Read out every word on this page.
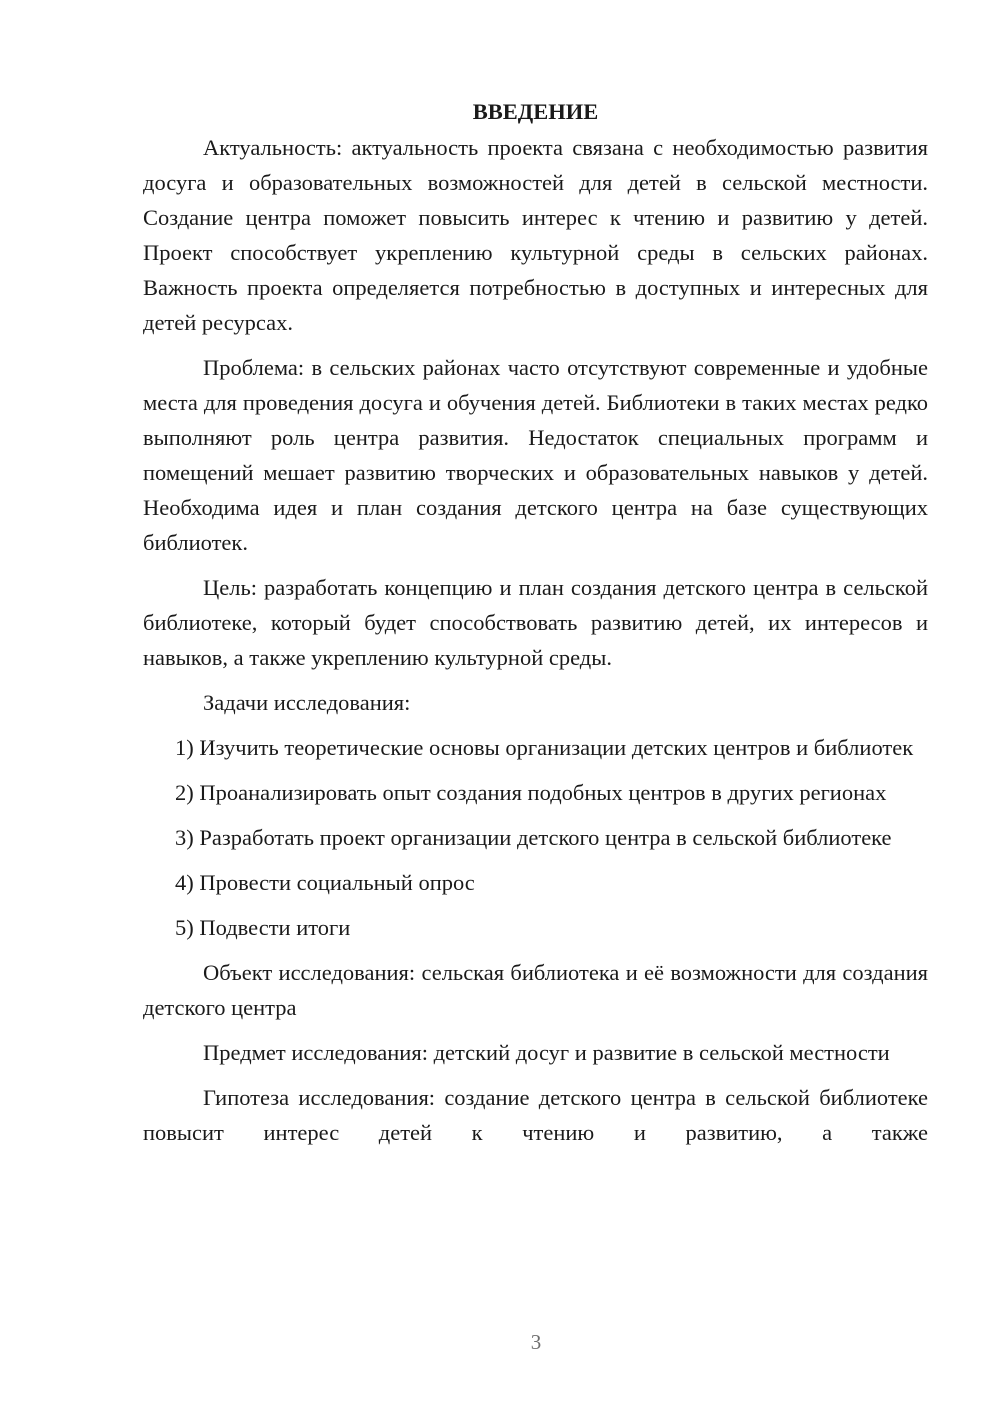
ВВЕДЕНИЕ

Актуальность: актуальность проекта связана с необходимостью развития досуга и образовательных возможностей для детей в сельской местности. Создание центра поможет повысить интерес к чтению и развитию у детей. Проект способствует укреплению культурной среды в сельских районах. Важность проекта определяется потребностью в доступных и интересных для детей ресурсах.

Проблема: в сельских районах часто отсутствуют современные и удобные места для проведения досуга и обучения детей. Библиотеки в таких местах редко выполняют роль центра развития. Недостаток специальных программ и помещений мешает развитию творческих и образовательных навыков у детей. Необходима идея и план создания детского центра на базе существующих библиотек.

Цель: разработать концепцию и план создания детского центра в сельской библиотеке, который будет способствовать развитию детей, их интересов и навыков, а также укреплению культурной среды.

Задачи исследования:

1) Изучить теоретические основы организации детских центров и библиотек

2) Проанализировать опыт создания подобных центров в других регионах

3) Разработать проект организации детского центра в сельской библиотеке

4) Провести социальный опрос

5) Подвести итоги

Объект исследования: сельская библиотека и её возможности для создания детского центра

Предмет исследования: детский досуг и развитие в сельской местности

Гипотеза исследования: создание детского центра в сельской библиотеке повысит интерес детей к чтению и развитию, а также

3
